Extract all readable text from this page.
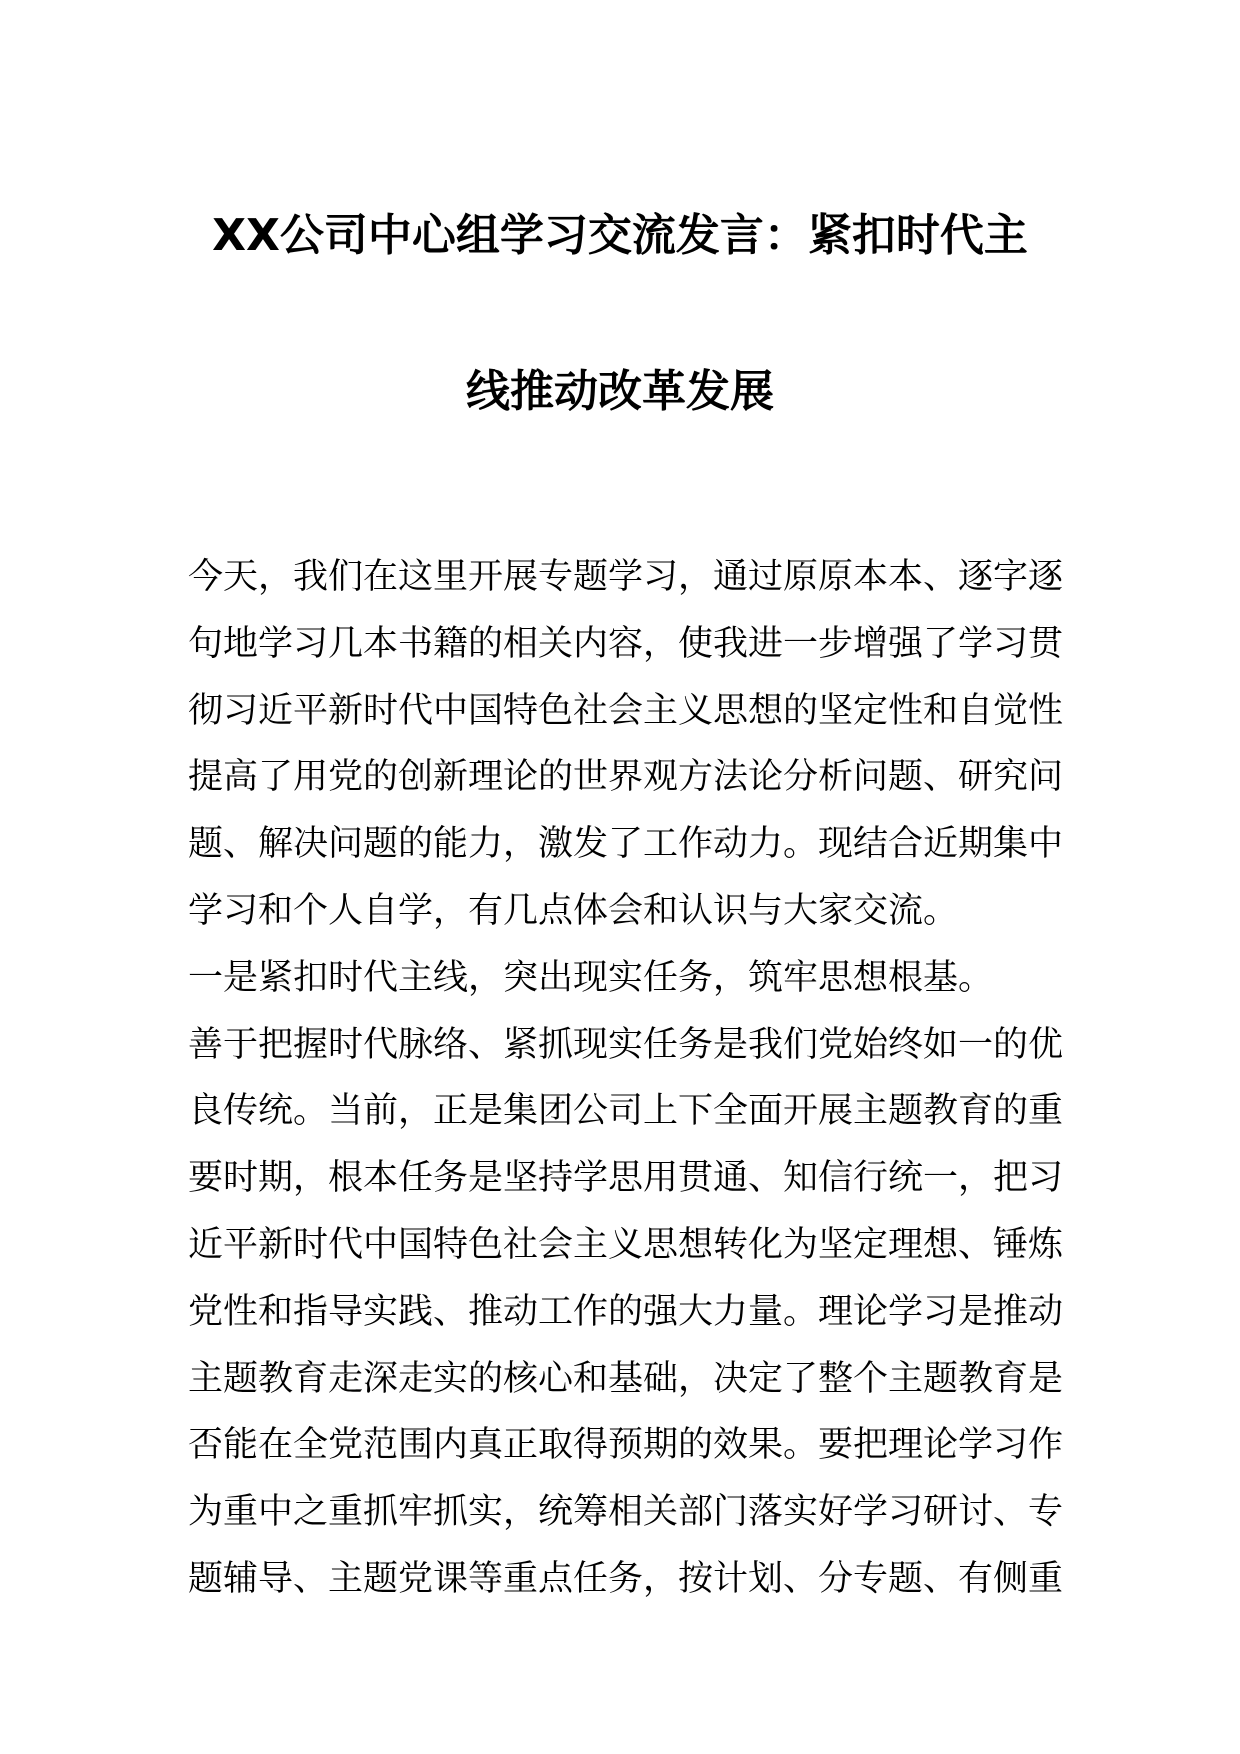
XX公司中心组学习交流发言：紧扣时代主
线推动改革发展
今天，我们在这里开展专题学习，通过原原本本、逐字逐
句地学习几本书籍的相关内容，使我进一步增强了学习贯
彻习近平新时代中国特色社会主义思想的坚定性和自觉性
提高了用党的创新理论的世界观方法论分析问题、研究问
题、解决问题的能力，激发了工作动力。现结合近期集中
学习和个人自学，有几点体会和认识与大家交流。
一是紧扣时代主线，突出现实任务，筑牢思想根基。
善于把握时代脉络、紧抓现实任务是我们党始终如一的优
良传统。当前，正是集团公司上下全面开展主题教育的重
要时期，根本任务是坚持学思用贯通、知信行统一，把习
近平新时代中国特色社会主义思想转化为坚定理想、锤炼
党性和指导实践、推动工作的强大力量。理论学习是推动
主题教育走深走实的核心和基础，决定了整个主题教育是
否能在全党范围内真正取得预期的效果。要把理论学习作
为重中之重抓牢抓实，统筹相关部门落实好学习研讨、专
题辅导、主题党课等重点任务，按计划、分专题、有侧重
